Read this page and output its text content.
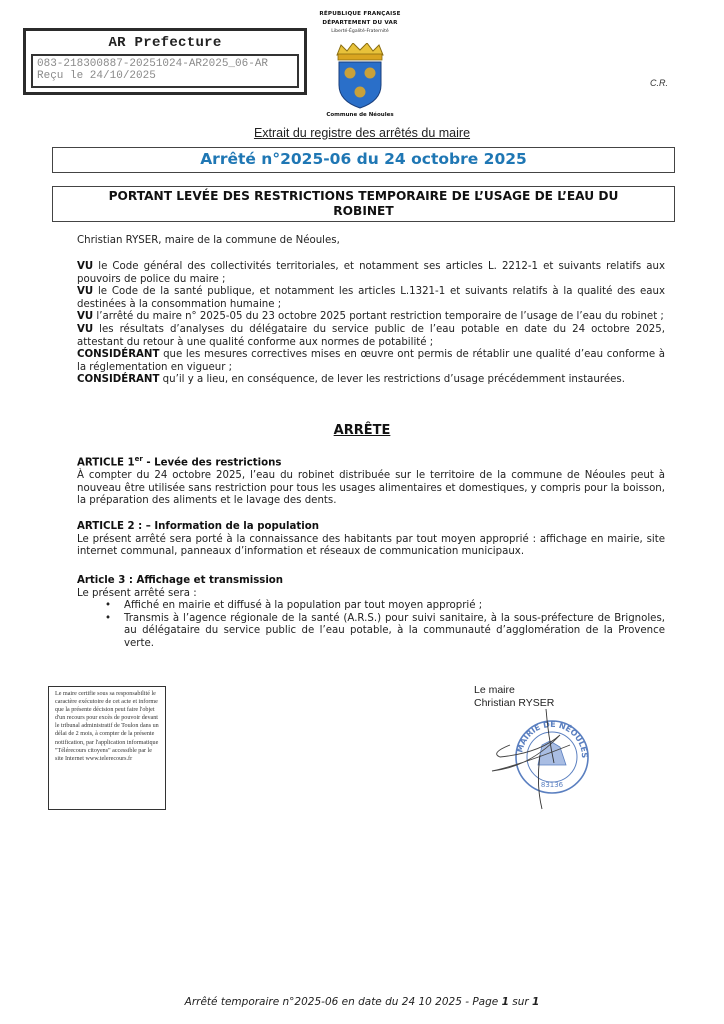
AR Prefecture
083-218300887-20251024-AR2025_06-AR
Reçu le 24/10/2025
RÉPUBLIQUE FRANÇAISE
DÉPARTEMENT DU VAR
Liberté-Égalité-Fraternité
Commune de Néoules
C.R.
Extrait du registre des arrêtés du maire
Arrêté n°2025-06 du 24 octobre 2025
PORTANT LEVÉE DES RESTRICTIONS TEMPORAIRE DE L’USAGE DE L’EAU DU
ROBINET
Christian RYSER, maire de la commune de Néoules,
VU le Code général des collectivités territoriales, et notamment ses articles L. 2212-1 et suivants relatifs aux pouvoirs de police du maire ;
VU le Code de la santé publique, et notamment les articles L.1321-1 et suivants relatifs à la qualité des eaux destinées à la consommation humaine ;
VU l’arrêté du maire n° 2025-05 du 23 octobre 2025 portant restriction temporaire de l’usage de l’eau du robinet ;
VU les résultats d’analyses du délégataire du service public de l’eau potable en date du 24 octobre 2025, attestant du retour à une qualité conforme aux normes de potabilité ;
CONSIDÉRANT que les mesures correctives mises en œuvre ont permis de rétablir une qualité d’eau conforme à la réglementation en vigueur ;
CONSIDÉRANT qu’il y a lieu, en conséquence, de lever les restrictions d’usage précédemment instaurées.
ARRÊTE
ARTICLE 1er - Levée des restrictions
À compter du 24 octobre 2025, l’eau du robinet distribuée sur le territoire de la commune de Néoules peut à nouveau être utilisée sans restriction pour tous les usages alimentaires et domestiques, y compris pour la boisson, la préparation des aliments et le lavage des dents.
ARTICLE 2 : – Information de la population
Le présent arrêté sera porté à la connaissance des habitants par tout moyen approprié : affichage en mairie, site internet communal, panneaux d’information et réseaux de communication municipaux.
Article 3 : Affichage et transmission
Le présent arrêté sera :
• Affiché en mairie et diffusé à la population par tout moyen approprié ;
• Transmis à l’agence régionale de la santé (A.R.S.) pour suivi sanitaire, à la sous-préfecture de Brignoles, au délégataire du service public de l’eau potable, à la communauté d’agglomération de la Provence verte.
Le maire certifie sous sa responsabilité le caractère exécutoire de cet acte et informe que la présente décision peut faire l'objet d'un recours pour excès de pouvoir devant le tribunal administratif de Toulon dans un délai de 2 mois, à compter de la présente notification, par l'application informatique "Télérecours citoyens" accessible par le site Internet www.telerecours.fr
Le maire
Christian RYSER
MAIRIE DE NÉOULES
83136
Arrêté temporaire n°2025-06 en date du 24 10 2025 - Page 1 sur 1
